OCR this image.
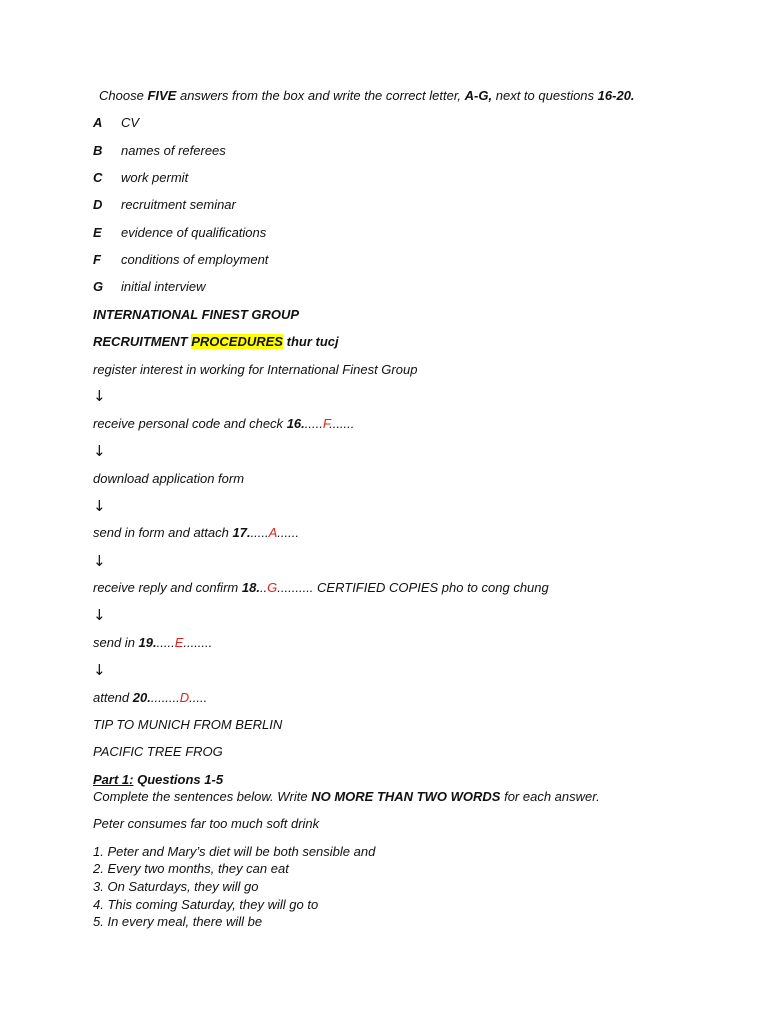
Choose FIVE answers from the box and write the correct letter, A-G, next to questions 16-20.
A CV
B names of referees
C work permit
D recruitment seminar
E evidence of qualifications
F conditions of employment
G initial interview
INTERNATIONAL FINEST GROUP
RECRUITMENT PROCEDURES thur tucj
register interest in working for International Finest Group
↓
receive personal code and check 16......F.......
↓
download application form
↓
send in form and attach 17......A......
↓
receive reply and confirm 18...G.......... CERTIFIED COPIES pho to cong chung
↓
send in 19......E........
↓
attend 20.........D.....
TIP TO MUNICH FROM BERLIN
PACIFIC TREE FROG
Part 1: Questions 1-5
Complete the sentences below. Write NO MORE THAN TWO WORDS for each answer.
Peter consumes far too much soft drink
1. Peter and Mary’s diet will be both sensible and
2. Every two months, they can eat
3. On Saturdays, they will go
4. This coming Saturday, they will go to
5. In every meal, there will be
